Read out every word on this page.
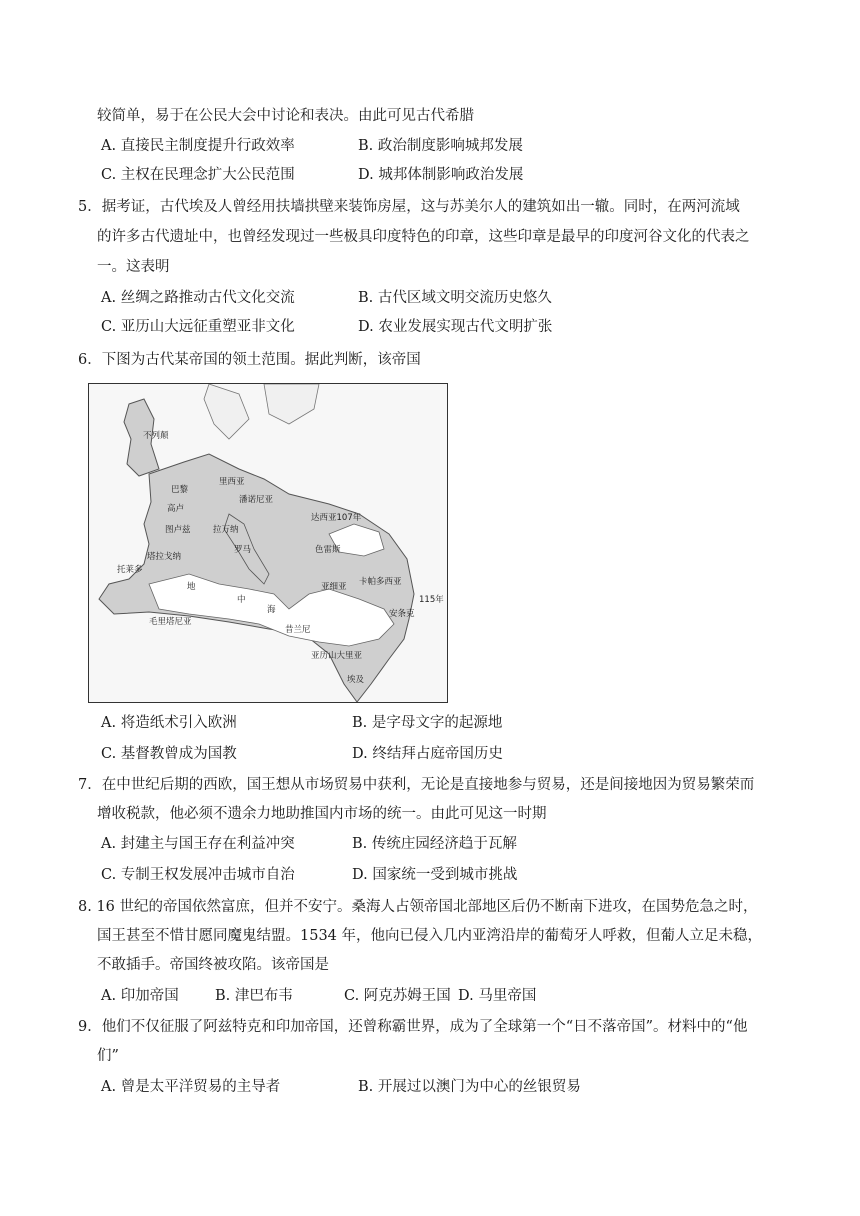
较简单，易于在公民大会中讨论和表决。由此可见古代希腊
A. 直接民主制度提升行政效率	B. 政治制度影响城邦发展
C. 主权在民理念扩大公民范围	D. 城邦体制影响政治发展
5．据考证，古代埃及人曾经用扶墙拱壁来装饰房屋，这与苏美尔人的建筑如出一辙。同时，在两河流域
的许多古代遗址中，也曾经发现过一些极具印度特色的印章，这些印章是最早的印度河谷文化的代表之
一。这表明
A. 丝绸之路推动古代文化交流	B. 古代区域文明交流历史悠久
C. 亚历山大远征重塑亚非文化	D. 农业发展实现古代文明扩张
6．下图为古代某帝国的领土范围。据此判断，该帝国
不列颠
巴黎
高卢
图卢兹
塔拉戈纳
托莱多
里西亚
潘诺尼亚
拉万纳
罗马
达西亚107年
色雷斯
亚细亚 卡帕多西亚
115年
安条克
地
中
海
毛里塔尼亚
昔兰尼
亚历山大里亚
埃及
A. 将造纸术引入欧洲	B. 是字母文字的起源地
C. 基督教曾成为国教	D. 终结拜占庭帝国历史
7．在中世纪后期的西欧，国王想从市场贸易中获利，无论是直接地参与贸易，还是间接地因为贸易繁荣而
增收税款，他必须不遗余力地助推国内市场的统一。由此可见这一时期
A. 封建主与国王存在利益冲突	B. 传统庄园经济趋于瓦解
C. 专制王权发展冲击城市自治	D. 国家统一受到城市挑战
8. 16 世纪的帝国依然富庶，但并不安宁。桑海人占领帝国北部地区后仍不断南下进攻，在国势危急之时，
国王甚至不惜甘愿同魔鬼结盟。1534 年，他向已侵入几内亚湾沿岸的葡萄牙人呼救，但葡人立足未稳，
不敢插手。帝国终被攻陷。该帝国是
A. 印加帝国	B. 津巴布韦	C. 阿克苏姆王国 D. 马里帝国
9．他们不仅征服了阿兹特克和印加帝国，还曾称霸世界，成为了全球第一个“日不落帝国”。材料中的“他
们”
A. 曾是太平洋贸易的主导者	B. 开展过以澳门为中心的丝银贸易
